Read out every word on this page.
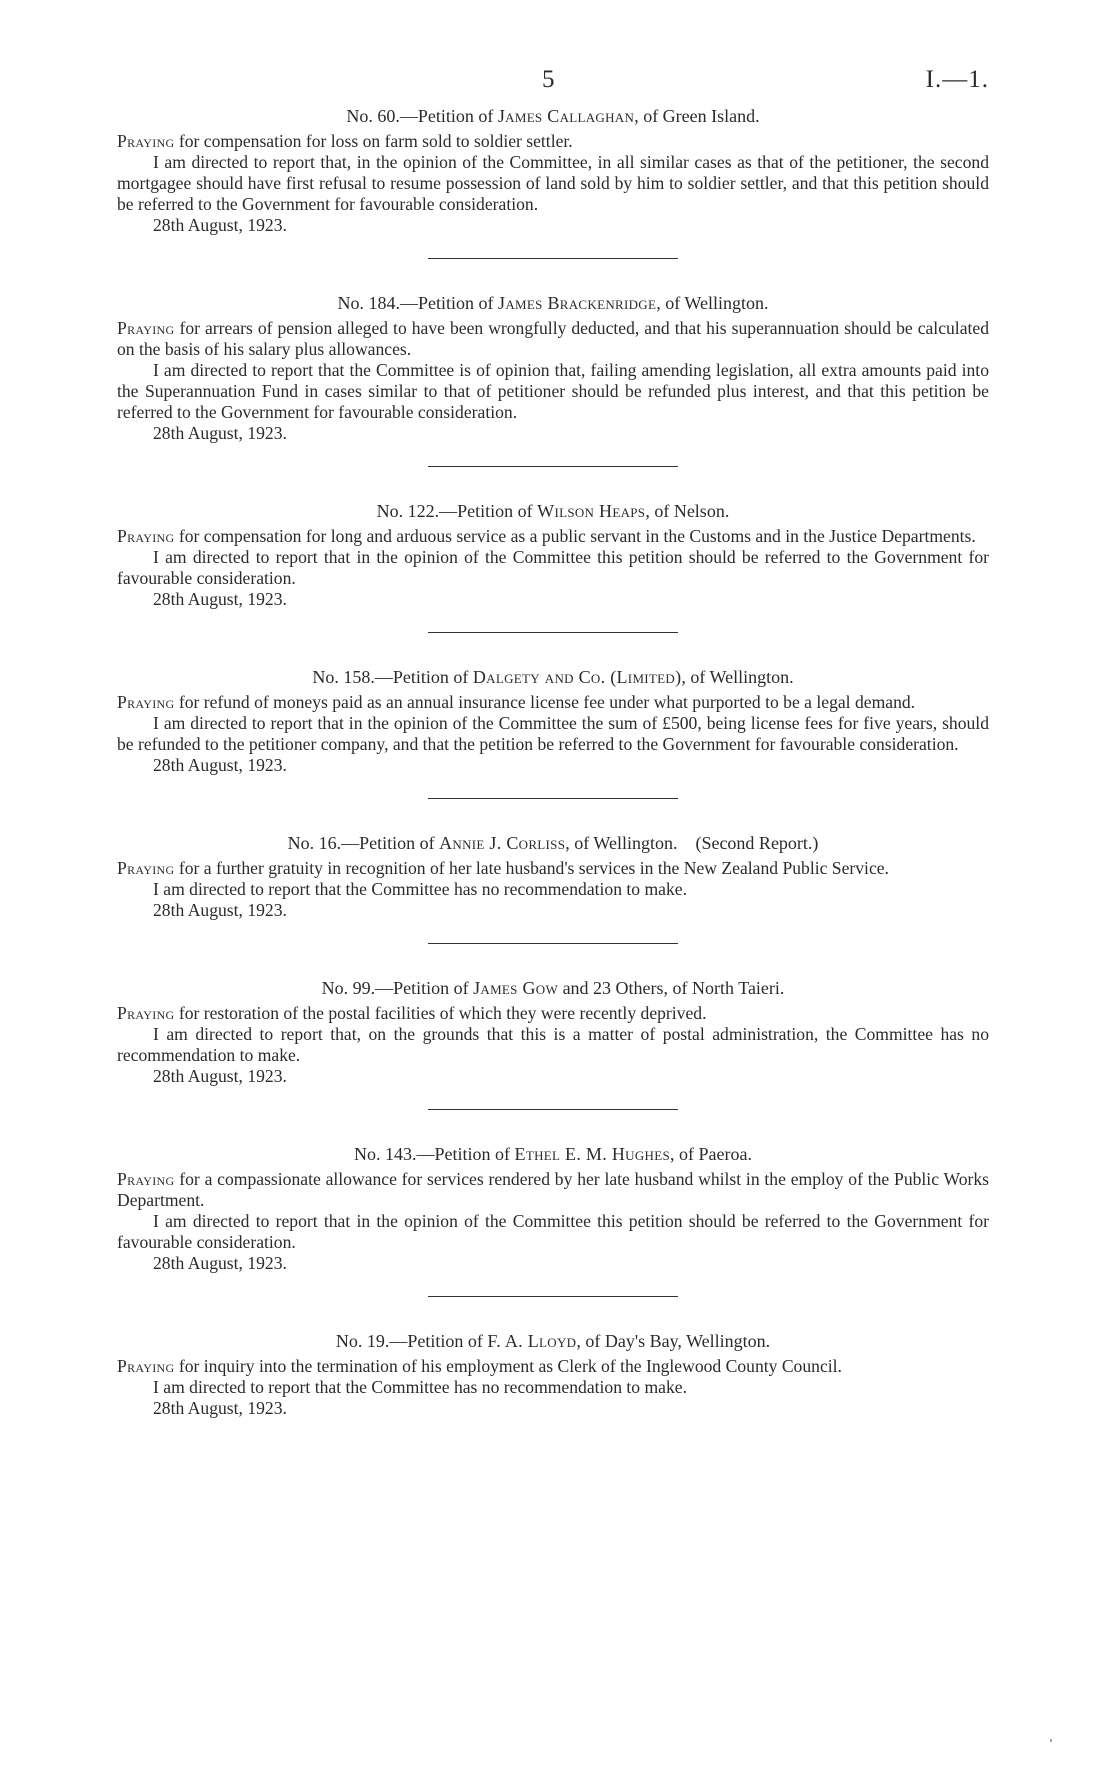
5	I.—1.
No. 60.—Petition of James Callaghan, of Green Island.

Praying for compensation for loss on farm sold to soldier settler.

I am directed to report that, in the opinion of the Committee, in all similar cases as that of the petitioner, the second mortgagee should have first refusal to resume possession of land sold by him to soldier settler, and that this petition should be referred to the Government for favourable consideration.

28th August, 1923.

No. 184.—Petition of James Brackenridge, of Wellington.

Praying for arrears of pension alleged to have been wrongfully deducted, and that his superannuation should be calculated on the basis of his salary plus allowances.

I am directed to report that the Committee is of opinion that, failing amending legislation, all extra amounts paid into the Superannuation Fund in cases similar to that of petitioner should be refunded plus interest, and that this petition be referred to the Government for favourable consideration.

28th August, 1923.

No. 122.—Petition of Wilson Heaps, of Nelson.

Praying for compensation for long and arduous service as a public servant in the Customs and in the Justice Departments.

I am directed to report that in the opinion of the Committee this petition should be referred to the Government for favourable consideration.

28th August, 1923.

No. 158.—Petition of Dalgety and Co. (Limited), of Wellington.

Praying for refund of moneys paid as an annual insurance license fee under what purported to be a legal demand.

I am directed to report that in the opinion of the Committee the sum of £500, being license fees for five years, should be refunded to the petitioner company, and that the petition be referred to the Government for favourable consideration.

28th August, 1923.

No. 16.—Petition of Annie J. Corliss, of Wellington. (Second Report.)

Praying for a further gratuity in recognition of her late husband's services in the New Zealand Public Service.

I am directed to report that the Committee has no recommendation to make.

28th August, 1923.

No. 99.—Petition of James Gow and 23 Others, of North Taieri.

Praying for restoration of the postal facilities of which they were recently deprived.

I am directed to report that, on the grounds that this is a matter of postal administration, the Committee has no recommendation to make.

28th August, 1923.

No. 143.—Petition of Ethel E. M. Hughes, of Paeroa.

Praying for a compassionate allowance for services rendered by her late husband whilst in the employ of the Public Works Department.

I am directed to report that in the opinion of the Committee this petition should be referred to the Government for favourable consideration.

28th August, 1923.

No. 19.—Petition of F. A. Lloyd, of Day's Bay, Wellington.

Praying for inquiry into the termination of his employment as Clerk of the Inglewood County Council.

I am directed to report that the Committee has no recommendation to make.

28th August, 1923.

ˌ
